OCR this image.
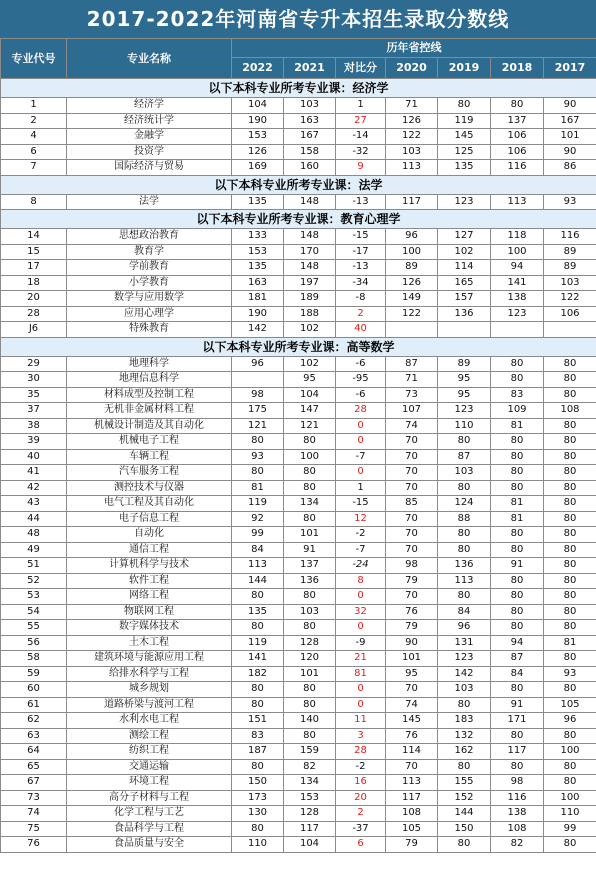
2017-2022年河南省专升本招生录取分数线
专业代号	专业名称	历年省控线						
		2022	2021	对比分	2020	2019	2018	2017
以下本科专业所考专业课：经济学								
1	经济学	104	103	1	71	80	80	90
2	经济统计学	190	163	27	126	119	137	167
4	金融学	153	167	-14	122	145	106	101
6	投资学	126	158	-32	103	125	106	90
7	国际经济与贸易	169	160	9	113	135	116	86
以下本科专业所考专业课：法学								
8	法学	135	148	-13	117	123	113	93
以下本科专业所考专业课：教育心理学								
14	思想政治教育	133	148	-15	96	127	118	116
15	教育学	153	170	-17	100	102	100	89
17	学前教育	135	148	-13	89	114	94	89
18	小学教育	163	197	-34	126	165	141	103
20	数学与应用数学	181	189	-8	149	157	138	122
28	应用心理学	190	188	2	122	136	123	106
J6	特殊教育	142	102	40				
以下本科专业所考专业课：高等数学								
29	地理科学	96	102	-6	87	89	80	80
30	地理信息科学		95	-95	71	95	80	80
35	材料成型及控制工程	98	104	-6	73	95	83	80
37	无机非金属材料工程	175	147	28	107	123	109	108
38	机械设计制造及其自动化	121	121	0	74	110	81	80
39	机械电子工程	80	80	0	70	80	80	80
40	车辆工程	93	100	-7	70	87	80	80
41	汽车服务工程	80	80	0	70	103	80	80
42	测控技术与仪器	81	80	1	70	80	80	80
43	电气工程及其自动化	119	134	-15	85	124	81	80
44	电子信息工程	92	80	12	70	88	81	80
48	自动化	99	101	-2	70	80	80	80
49	通信工程	84	91	-7	70	80	80	80
51	计算机科学与技术	113	137	-24	98	136	91	80
52	软件工程	144	136	8	79	113	80	80
53	网络工程	80	80	0	70	80	80	80
54	物联网工程	135	103	32	76	84	80	80
55	数字媒体技术	80	80	0	79	96	80	80
56	土木工程	119	128	-9	90	131	94	81
58	建筑环境与能源应用工程	141	120	21	101	123	87	80
59	给排水科学与工程	182	101	81	95	142	84	93
60	城乡规划	80	80	0	70	103	80	80
61	道路桥梁与渡河工程	80	80	0	74	80	91	105
62	水利水电工程	151	140	11	145	183	171	96
63	测绘工程	83	80	3	76	132	80	80
64	纺织工程	187	159	28	114	162	117	100
65	交通运输	80	82	-2	70	80	80	80
67	环境工程	150	134	16	113	155	98	80
73	高分子材料与工程	173	153	20	117	152	116	100
74	化学工程与工艺	130	128	2	108	144	138	110
75	食品科学与工程	80	117	-37	105	150	108	99
76	食品质量与安全	110	104	6	79	80	82	80
